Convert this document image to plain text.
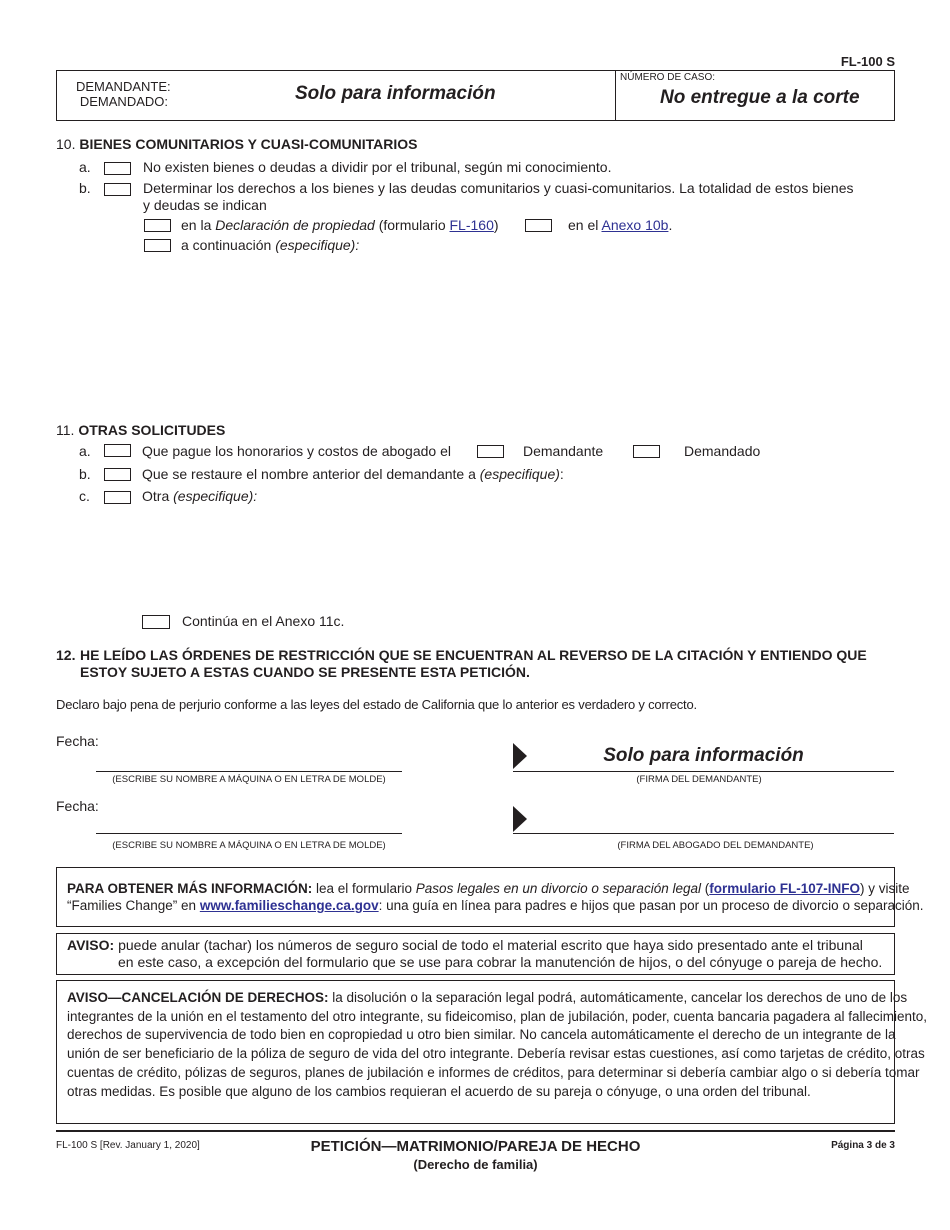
FL-100 S
DEMANDANTE:
DEMANDADO:	Solo para información
NÚMERO DE CASO:
No entregue a la corte
10. BIENES COMUNITARIOS Y CUASI-COMUNITARIOS
a.	No existen bienes o deudas a dividir por el tribunal, según mi conocimiento.
b.	Determinar los derechos a los bienes y las deudas comunitarios y cuasi-comunitarios. La totalidad de estos bienes
y deudas se indican
en la Declaración de propiedad (formulario FL-160)	en el Anexo 10b.
a continuación (especifique):
11. OTRAS SOLICITUDES
a.	Que pague los honorarios y costos de abogado el	Demandante	Demandado
b.	Que se restaure el nombre anterior del demandante a (especifique):
c.	Otra (especifique):
Continúa en el Anexo 11c.
12. HE LEÍDO LAS ÓRDENES DE RESTRICCIÓN QUE SE ENCUENTRAN AL REVERSO DE LA CITACIÓN Y ENTIENDO QUE
ESTOY SUJETO A ESTAS CUANDO SE PRESENTE ESTA PETICIÓN.
Declaro bajo pena de perjurio conforme a las leyes del estado de California que lo anterior es verdadero y correcto.
Fecha:
(ESCRIBE SU NOMBRE A MÁQUINA O EN LETRA DE MOLDE)
Solo para información
(FIRMA DEL DEMANDANTE)
Fecha:
(ESCRIBE SU NOMBRE A MÁQUINA O EN LETRA DE MOLDE)	(FIRMA DEL ABOGADO DEL DEMANDANTE)
PARA OBTENER MÁS INFORMACIÓN: lea el formulario Pasos legales en un divorcio o separación legal (formulario FL-107-INFO) y visite
“Families Change” en www.familieschange.ca.gov: una guía en línea para padres e hijos que pasan por un proceso de divorcio o separación.
AVISO: puede anular (tachar) los números de seguro social de todo el material escrito que haya sido presentado ante el tribunal
en este caso, a excepción del formulario que se use para cobrar la manutención de hijos, o del cónyuge o pareja de hecho.
AVISO—CANCELACIÓN DE DERECHOS: la disolución o la separación legal podrá, automáticamente, cancelar los derechos de uno de los
integrantes de la unión en el testamento del otro integrante, su fideicomiso, plan de jubilación, poder, cuenta bancaria pagadera al fallecimiento,
derechos de supervivencia de todo bien en copropiedad u otro bien similar. No cancela automáticamente el derecho de un integrante de la
unión de ser beneficiario de la póliza de seguro de vida del otro integrante. Debería revisar estas cuestiones, así como tarjetas de crédito, otras
cuentas de crédito, pólizas de seguros, planes de jubilación e informes de créditos, para determinar si debería cambiar algo o si debería tomar
otras medidas. Es posible que alguno de los cambios requieran el acuerdo de su pareja o cónyuge, o una orden del tribunal.
FL-100 S [Rev. January 1, 2020]	PETICIÓN—MATRIMONIO/PAREJA DE HECHO
(Derecho de familia)
Página 3 de 3
